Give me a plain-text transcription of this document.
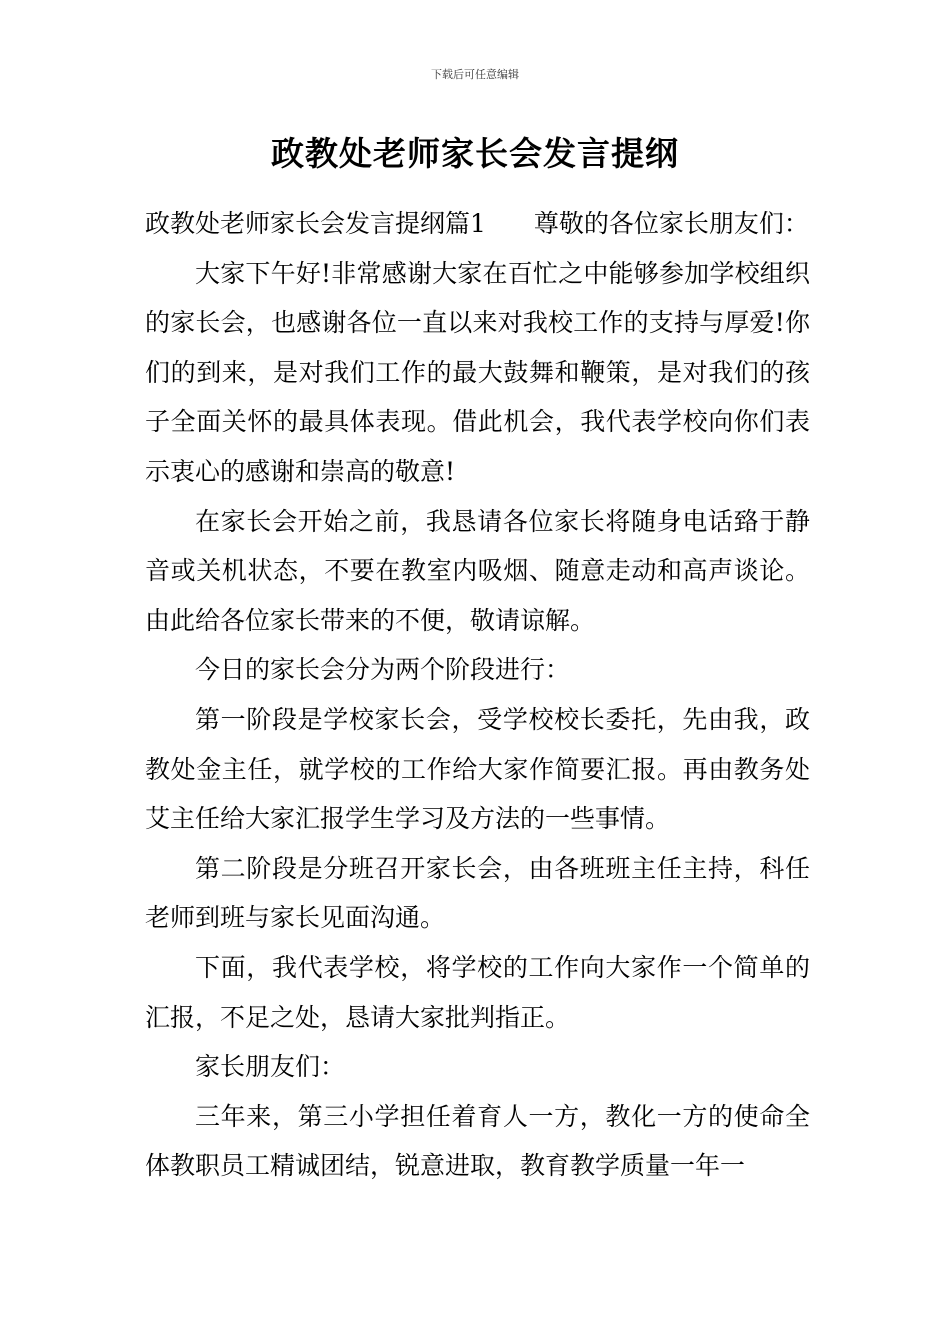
下载后可任意编辑
政教处老师家长会发言提纲

政教处老师家长会发言提纲篇1 尊敬的各位家长朋友们：

大家下午好!非常感谢大家在百忙之中能够参加学校组织的家长会，也感谢各位一直以来对我校工作的支持与厚爱!你们的到来，是对我们工作的最大鼓舞和鞭策，是对我们的孩子全面关怀的最具体表现。借此机会，我代表学校向你们表示衷心的感谢和崇高的敬意!

在家长会开始之前，我恳请各位家长将随身电话臵于静音或关机状态，不要在教室内吸烟、随意走动和高声谈论。由此给各位家长带来的不便，敬请谅解。

今日的家长会分为两个阶段进行：

第一阶段是学校家长会，受学校校长委托，先由我，政教处金主任，就学校的工作给大家作简要汇报。再由教务处艾主任给大家汇报学生学习及方法的一些事情。

第二阶段是分班召开家长会，由各班班主任主持，科任老师到班与家长见面沟通。

下面，我代表学校，将学校的工作向大家作一个简单的汇报，不足之处，恳请大家批判指正。

家长朋友们：

三年来，第三小学担任着育人一方，教化一方的使命全体教职员工精诚团结，锐意进取，教育教学质量一年一
